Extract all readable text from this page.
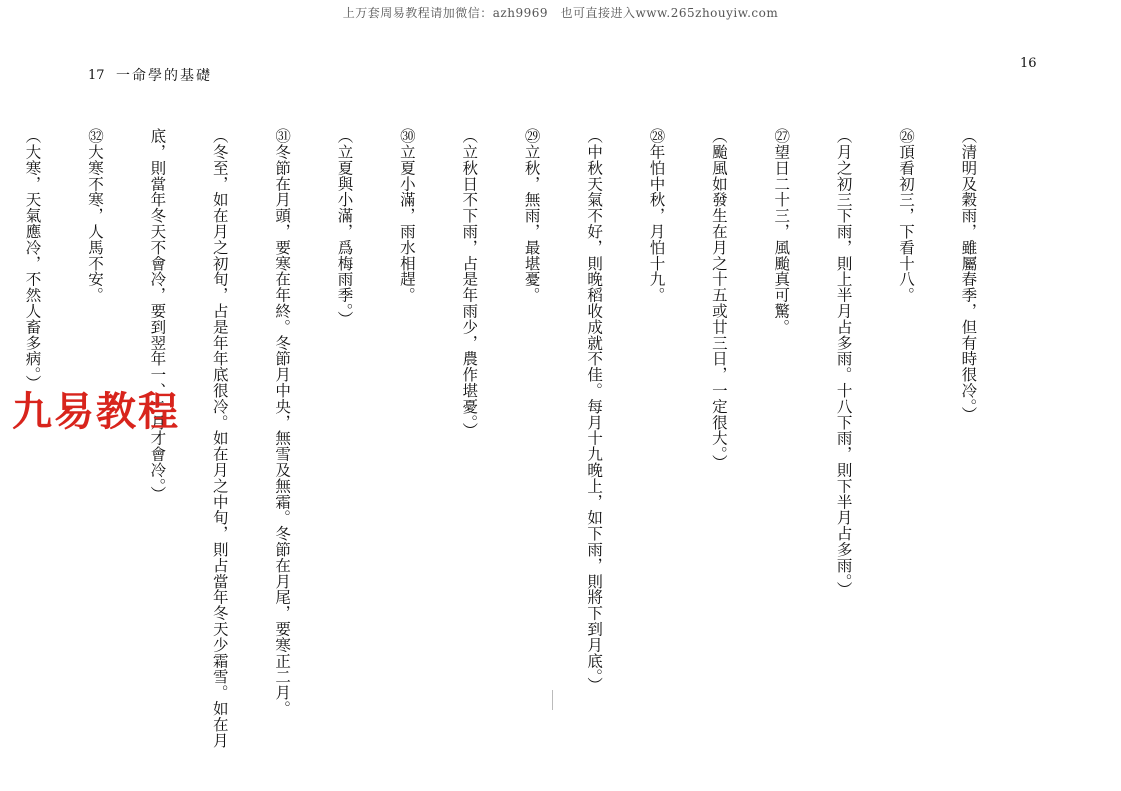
上万套周易教程请加微信：azh9969　也可直接进入www.265zhouyiw.com
17 一命學的基礎
16

（清明及穀雨，雖屬春季，但有時很冷。）

㉖頂看初三，下看十八。

（月之初三下雨，則上半月占多雨。十八下雨，則下半月占多雨。）

㉗望日二十三，風颱真可驚。

（颱風如發生在月之十五或廿三日，一定很大。）

㉘年怕中秋，月怕十九。

（中秋天氣不好，則晚稻收成就不佳。每月十九晚上，如下雨，則將下到月底。）

㉙立秋，無雨，最堪憂。

（立秋日不下雨，占是年雨少，農作堪憂。）

㉚立夏小滿，雨水相趕。

（立夏與小滿，爲梅雨季。）

㉛冬節在月頭，要寒在年終。冬節月中央，無雪及無霜。冬節在月尾，要寒正二月。

（冬至，如在月之初旬，占是年年底很冷。如在月之中旬，則占當年冬天少霜雪。如在月

底，則當年冬天不會冷，要到翌年一、二月才會冷。）

㉜大寒不寒，人馬不安。

（大寒，天氣應冷，不然人畜多病。）

九易教程
